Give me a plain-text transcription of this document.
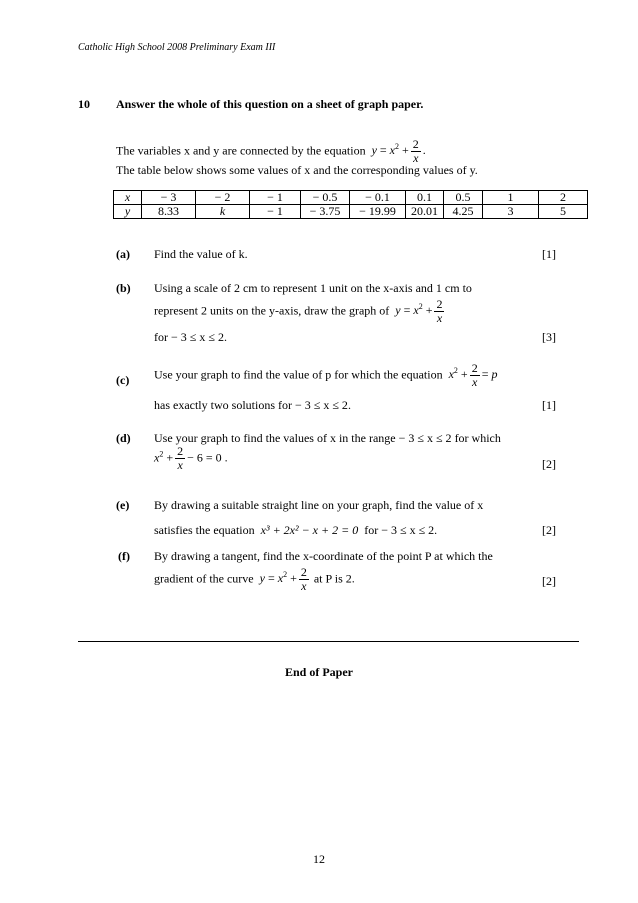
Catholic High School 2008 Preliminary Exam III
10 Answer the whole of this question on a sheet of graph paper.
The variables x and y are connected by the equation $y = x^2 + \frac{2}{x}$ .
The table below shows some values of x and the corresponding values of y.
x	− 3	− 2	− 1	− 0.5	− 0.1	0.1	0.5	1	2
y	8.33	k	− 1	− 3.75	− 19.99	20.01	4.25	3	5
(a) Find the value of k.	[1]
(b) Using a scale of 2 cm to represent 1 unit on the x-axis and 1 cm to
represent 2 units on the y-axis, draw the graph of $y = x^2 + \frac{2}{x}$
for − 3 ≤ x ≤ 2.	[3]
(c) Use your graph to find the value of p for which the equation $x^2 + \frac{2}{x} = p$
has exactly two solutions for − 3 ≤ x ≤ 2.	[1]
(d) Use your graph to find the values of x in the range − 3 ≤ x ≤ 2 for which
$x^2 + \frac{2}{x} - 6 = 0$ .	[2]
(e) By drawing a suitable straight line on your graph, find the value of x
satisfies the equation x³ + 2x² − x + 2 = 0 for − 3 ≤ x ≤ 2.	[2]
(f) By drawing a tangent, find the x-coordinate of the point P at which the
gradient of the curve $y = x^2 + \frac{2}{x}$ at P is 2.	[2]
End of Paper
12
